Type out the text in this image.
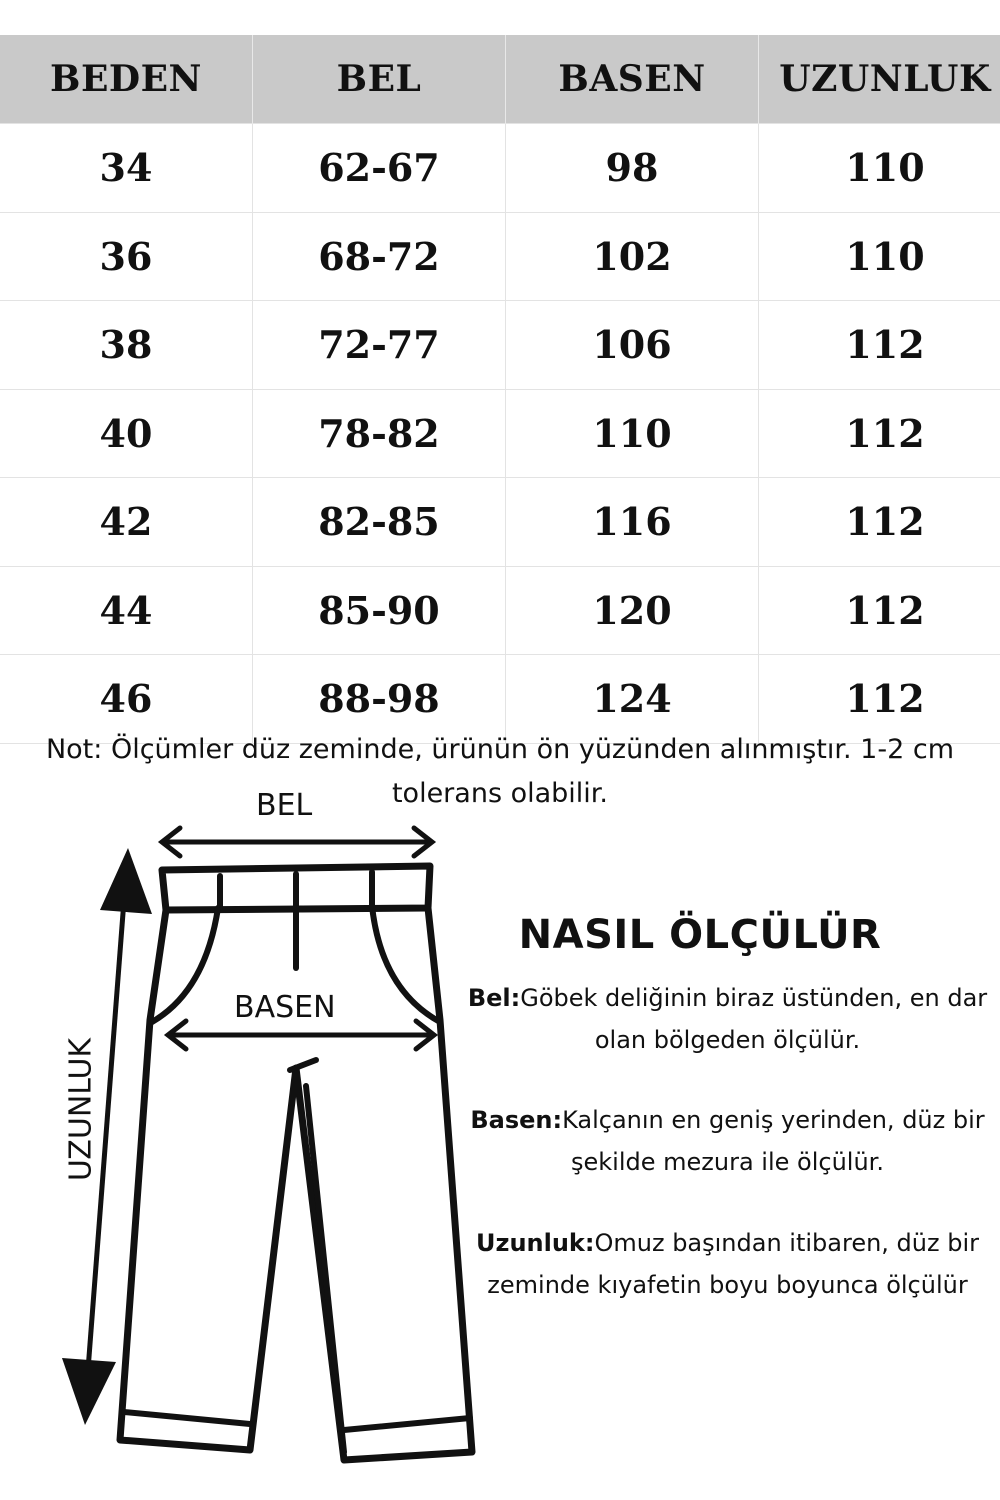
BEDEN	BEL	BASEN	UZUNLUK
34	62-67	98	110
36	68-72	102	110
38	72-77	106	112
40	78-82	110	112
42	82-85	116	112
44	85-90	120	112
46	88-98	124	112
Not: Ölçümler düz zeminde, ürünün ön yüzünden alınmıştır. 1-2 cm tolerans olabilir.
BEL
BASEN
UZUNLUK
NASIL ÖLÇÜLÜR
Bel:Göbek deliğinin biraz üstünden, en dar olan bölgeden ölçülür.
Basen:Kalçanın en geniş yerinden, düz bir şekilde mezura ile ölçülür.
Uzunluk:Omuz başından itibaren, düz bir zeminde kıyafetin boyu boyunca ölçülür
